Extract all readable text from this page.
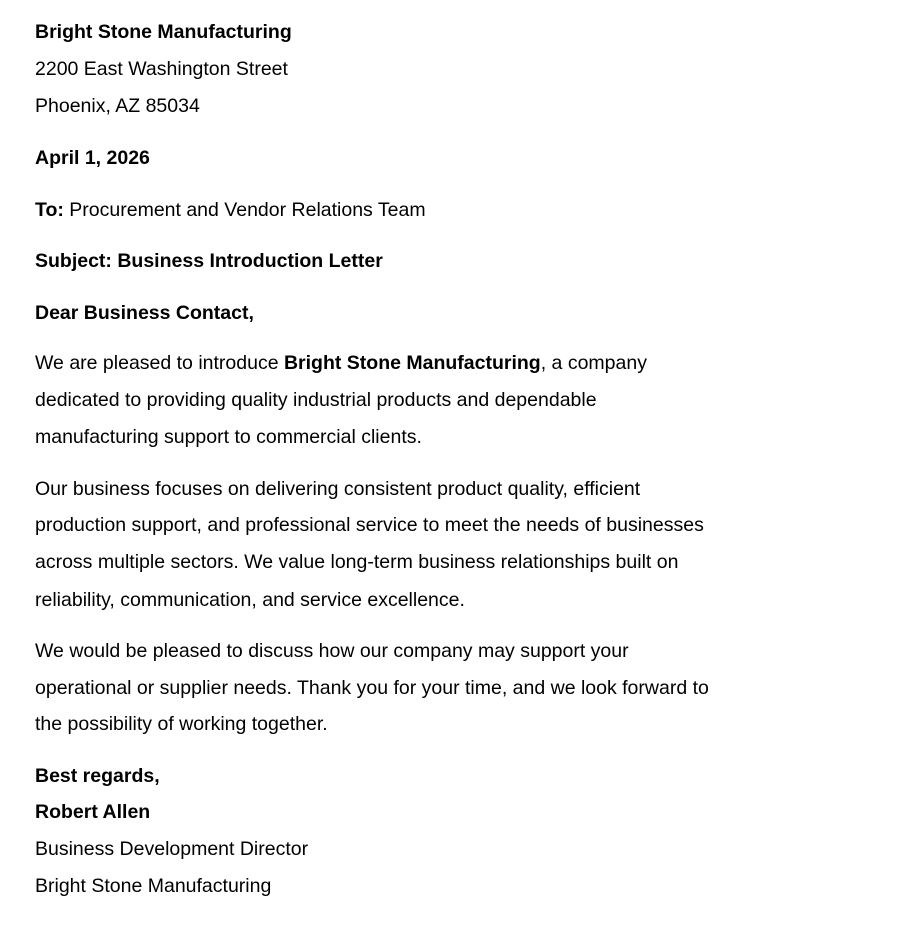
Bright Stone Manufacturing
2200 East Washington Street
Phoenix, AZ 85034
April 1, 2026
To: Procurement and Vendor Relations Team
Subject: Business Introduction Letter
Dear Business Contact,
We are pleased to introduce Bright Stone Manufacturing, a company
dedicated to providing quality industrial products and dependable
manufacturing support to commercial clients.
Our business focuses on delivering consistent product quality, efficient
production support, and professional service to meet the needs of businesses
across multiple sectors. We value long-term business relationships built on
reliability, communication, and service excellence.
We would be pleased to discuss how our company may support your
operational or supplier needs. Thank you for your time, and we look forward to
the possibility of working together.
Best regards,
Robert Allen
Business Development Director
Bright Stone Manufacturing
